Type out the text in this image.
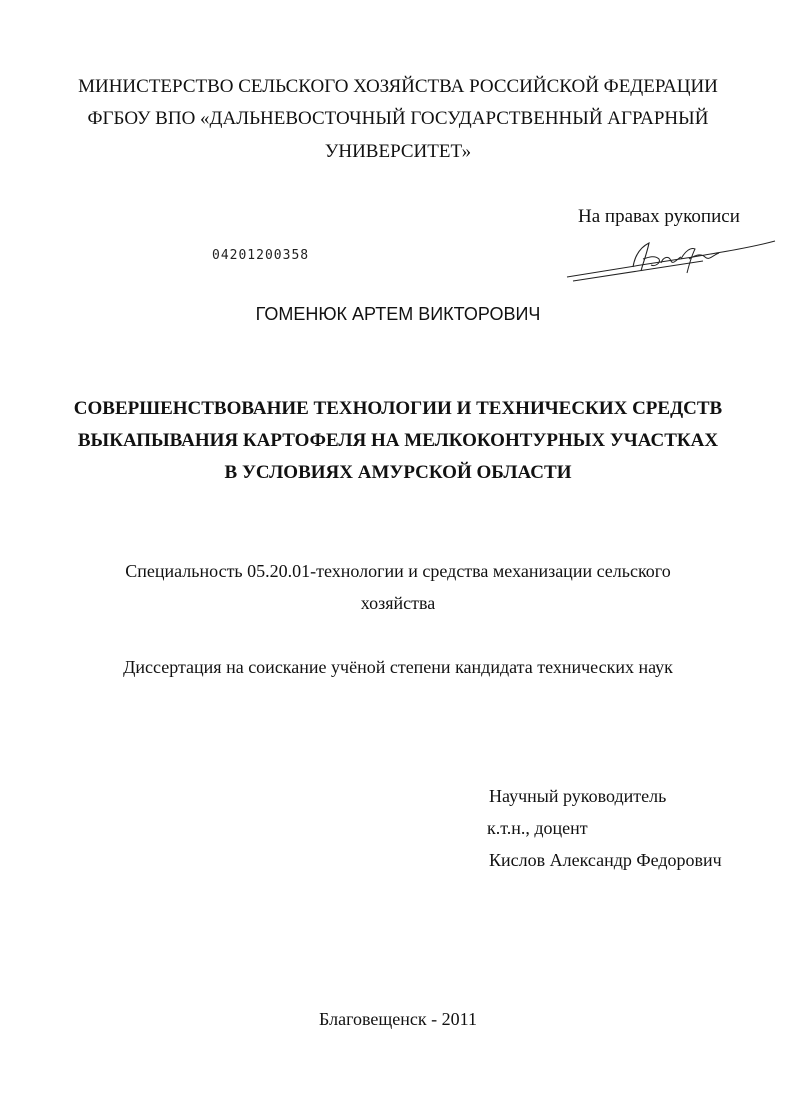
МИНИСТЕРСТВО СЕЛЬСКОГО ХОЗЯЙСТВА РОССИЙСКОЙ ФЕДЕРАЦИИ
ФГБОУ ВПО «ДАЛЬНЕВОСТОЧНЫЙ ГОСУДАРСТВЕННЫЙ АГРАРНЫЙ
УНИВЕРСИТЕТ»
На правах рукописи
04201200358
ГОМЕНЮК АРТЕМ ВИКТОРОВИЧ
СОВЕРШЕНСТВОВАНИЕ ТЕХНОЛОГИИ И ТЕХНИЧЕСКИХ СРЕДСТВ
ВЫКАПЫВАНИЯ КАРТОФЕЛЯ НА МЕЛКОКОНТУРНЫХ УЧАСТКАХ
В УСЛОВИЯХ АМУРСКОЙ ОБЛАСТИ
Специальность 05.20.01-технологии и средства механизации сельского
хозяйства
Диссертация на соискание учёной степени кандидата технических наук
Научный руководитель
к.т.н., доцент
Кислов Александр Федорович
Благовещенск - 2011
